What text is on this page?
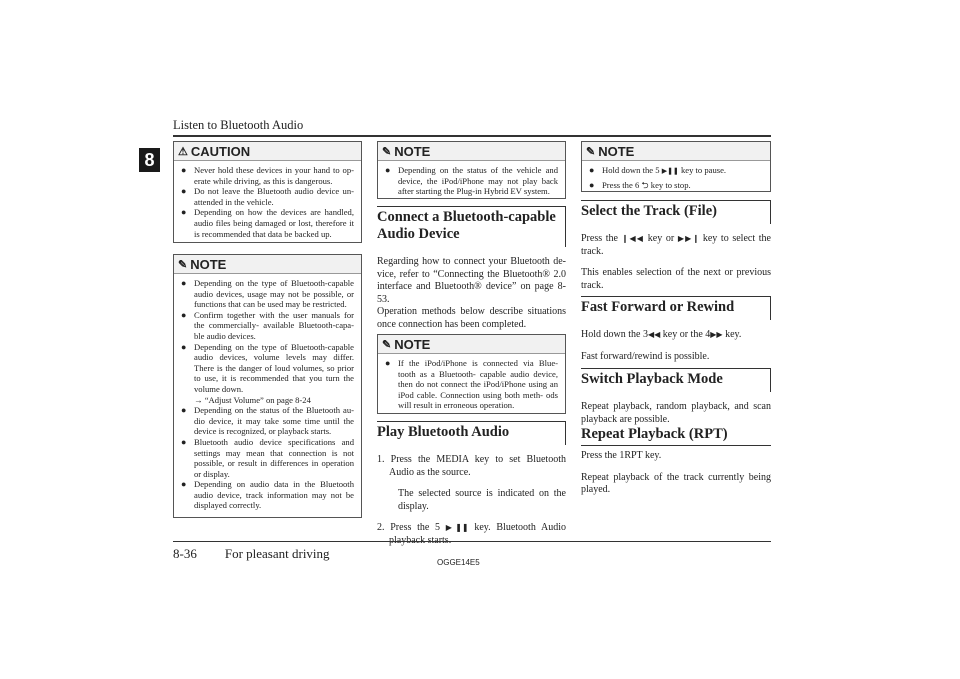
Listen to Bluetooth Audio
8	⚠ CAUTION
● Never hold these devices in your hand to op- erate while driving, as this is dangerous.
● Do not leave the Bluetooth audio device un- attended in the vehicle.
● Depending on how the devices are handled, audio files being damaged or lost, therefore it is recommended that data be backed up.
✎ NOTE
● Depending on the type of Bluetooth-capable audio devices, usage may not be possible, or functions that can be used may be restricted.
● Confirm together with the user manuals for the commercially- available Bluetooth-capa- ble audio devices.
● Depending on the type of Bluetooth-capable audio devices, volume levels may differ. There is the danger of loud volumes, so prior to use, it is recommended that you turn the volume down.
→ “Adjust Volume” on page 8-24
● Depending on the status of the Bluetooth au- dio device, it may take some time until the device is recognized, or playback starts.
● Bluetooth audio device specifications and settings may mean that connection is not possible, or result in differences in operation or display.
● Depending on audio data in the Bluetooth audio device, track information may not be displayed correctly.
✎ NOTE
● Depending on the status of the vehicle and device, the iPod/iPhone may not play back after starting the Plug-in Hybrid EV system.
Connect a Bluetooth-capable Audio Device

Regarding how to connect your Bluetooth de- vice, refer to “Connecting the Bluetooth® 2.0 interface and Bluetooth® device” on page 8-53.

Operation methods below describe situations once connection has been completed.

✎ NOTE
● If the iPod/iPhone is connected via Blue- tooth as a Bluetooth- capable audio device, then do not connect the iPod/iPhone using an iPod cable. Connection using both meth- ods will result in erroneous operation.
Play Bluetooth Audio

1. Press the MEDIA key to set Bluetooth Audio as the source.

The selected source is indicated on the display.

2. Press the 5 ▶❚❚ key. Bluetooth Audio playback starts.

✎ NOTE
● Hold down the 5 ▶❚❚ key to pause.
● Press the 6 ⮌ key to stop.
Select the Track (File)

Press the ❙◀◀ key or ▶▶❙ key to select the track.

This enables selection of the next or previous track.

Fast Forward or Rewind

Hold down the 3◀◀ key or the 4▶▶ key.

Fast forward/rewind is possible.

Switch Playback Mode

Repeat playback, random playback, and scan playback are possible.

Repeat Playback (RPT)

Press the 1RPT key.

Repeat playback of the track currently being played.

8-36 For pleasant driving
OGGE14E5
